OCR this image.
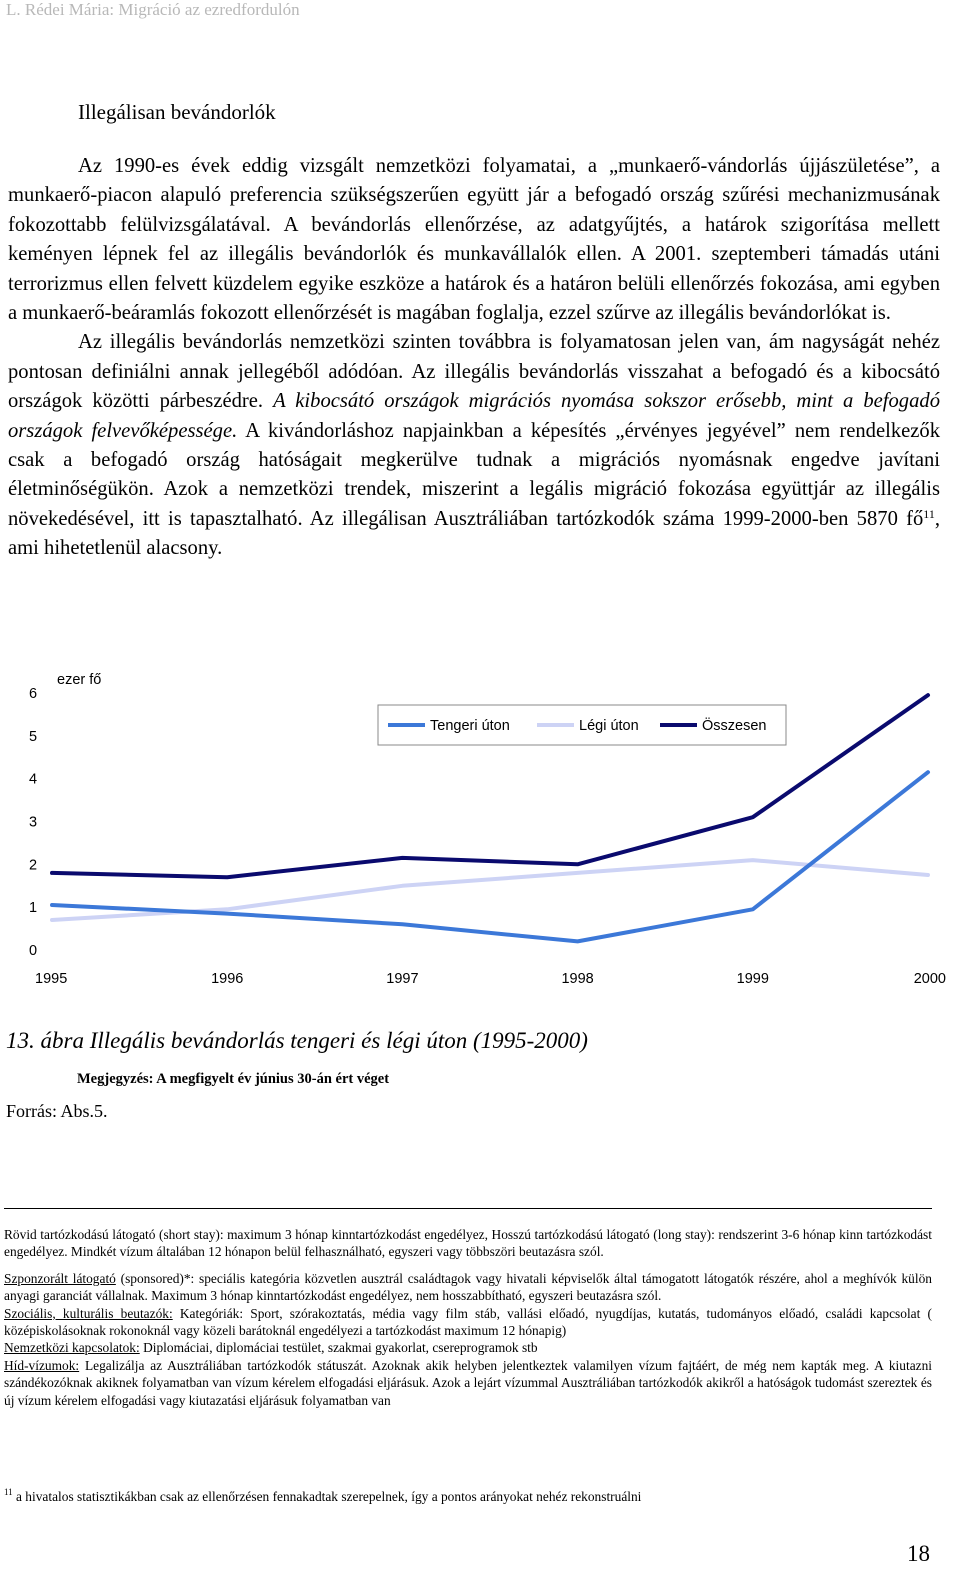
L. Rédei Mária: Migráció az ezredfordulón
Illegálisan bevándorlók

Az 1990-es évek eddig vizsgált nemzetközi folyamatai, a „munkaerő-vándorlás újjászületése”, a munkaerő-piacon alapuló preferencia szükségszerűen együtt jár a befogadó ország szűrési mechanizmusának fokozottabb felülvizsgálatával. A bevándorlás ellenőrzése, az adatgyűjtés, a határok szigorítása mellett keményen lépnek fel az illegális bevándorlók és munkavállalók ellen. A 2001. szeptemberi támadás utáni terrorizmus ellen felvett küzdelem egyike eszköze a határok és a határon belüli ellenőrzés fokozása, ami egyben a munkaerő-beáramlás fokozott ellenőrzését is magában foglalja, ezzel szűrve az illegális bevándorlókat is.

Az illegális bevándorlás nemzetközi szinten továbbra is folyamatosan jelen van, ám nagyságát nehéz pontosan definiálni annak jellegéből adódóan. Az illegális bevándorlás visszahat a befogadó és a kibocsátó országok közötti párbeszédre. A kibocsátó országok migrációs nyomása sokszor erősebb, mint a befogadó országok felvevőképessége. A kivándorláshoz napjainkban a képesítés „érvényes jegyével” nem rendelkezők csak a befogadó ország hatóságait megkerülve tudnak a migrációs nyomásnak engedve javítani életminőségükön. Azok a nemzetközi trendek, miszerint a legális migráció fokozása együttjár az illegális növekedésével, itt is tapasztalható. Az illegálisan Ausztráliában tartózkodók száma 1999-2000-ben 5870 $fő^{11}$, ami hihetetlenül alacsony.

0
1
2
3
4
5
6
ezer fő
1995	1996	1997	1998	1999	2000
Tengeri úton	Légi úton	Összesen
13. ábra Illegális bevándorlás tengeri és légi úton (1995-2000)
Megjegyzés: A megfigyelt év június 30-án ért véget
Forrás: Abs.5.

Rövid tartózkodású látogató (short stay): maximum 3 hónap kinntartózkodást engedélyez, Hosszú tartózkodású látogató (long stay): rendszerint 3-6 hónap kinn tartózkodást engedélyez. Mindkét vízum általában 12 hónapon belül felhasználható, egyszeri vagy többszöri beutazásra szól.

Szponzorált látogató (sponsored)*: speciális kategória közvetlen ausztrál családtagok vagy hivatali képviselők által támogatott látogatók részére, ahol a meghívók külön anyagi garanciát vállalnak. Maximum 3 hónap kinntartózkodást engedélyez, nem hosszabbítható, egyszeri beutazásra szól.

Szociális, kulturális beutazók: Kategóriák: Sport, szórakoztatás, média vagy film stáb, vallási előadó, nyugdíjas, kutatás, tudományos előadó, családi kapcsolat ( középiskolásoknak rokonoknál vagy közeli barátoknál engedélyezi a tartózkodást maximum 12 hónapig)

Nemzetközi kapcsolatok: Diplomáciai, diplomáciai testület, szakmai gyakorlat, csereprogramok stb

Híd-vízumok: Legalizálja az Ausztráliában tartózkodók státuszát. Azoknak akik helyben jelentkeztek valamilyen vízum fajtáért, de még nem kapták meg. A kiutazni szándékozóknak akiknek folyamatban van vízum kérelem elfogadási eljárásuk. Azok a lejárt vízummal Ausztráliában tartózkodók akikről a hatóságok tudomást szereztek és új vízum kérelem elfogadási vagy kiutazatási eljárásuk folyamatban van

$^{11}$ a hivatalos statisztikákban csak az ellenőrzésen fennakadtak szerepelnek, így a pontos arányokat nehéz rekonstruálni
18
